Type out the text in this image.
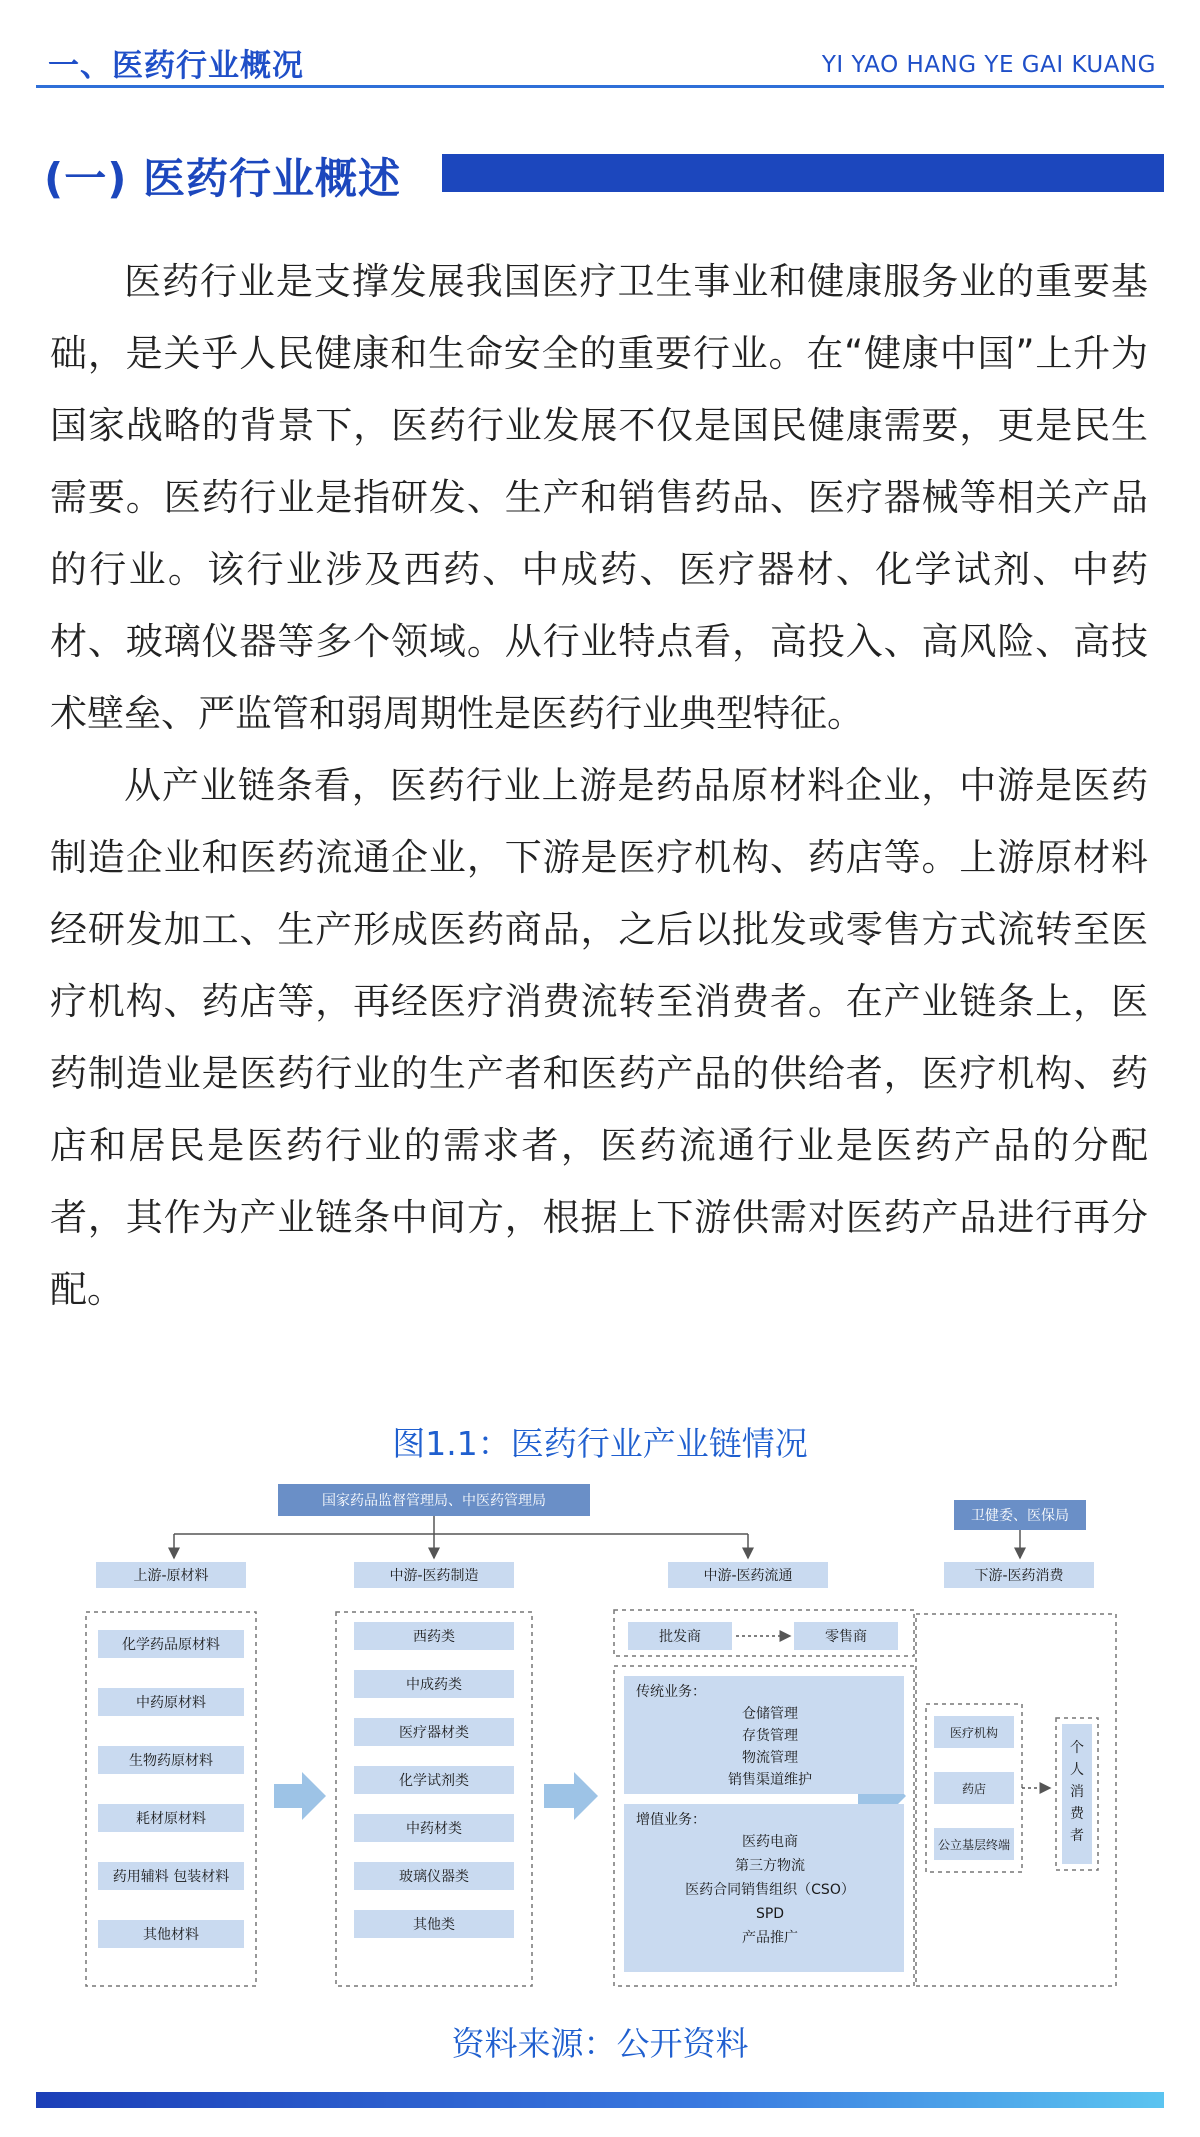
一、医药行业概况	YI YAO HANG YE GAI KUANG
(一) 医药行业概述

医药行业是支撑发展我国医疗卫生事业和健康服务业的重要基础，是关乎人民健康和生命安全的重要行业。在“健康中国”上升为国家战略的背景下，医药行业发展不仅是国民健康需要，更是民生需要。医药行业是指研发、生产和销售药品、医疗器械等相关产品的行业。该行业涉及西药、中成药、医疗器材、化学试剂、中药材、玻璃仪器等多个领域。从行业特点看，高投入、高风险、高技术壁垒、严监管和弱周期性是医药行业典型特征。

从产业链条看，医药行业上游是药品原材料企业，中游是医药制造企业和医药流通企业，下游是医疗机构、药店等。上游原材料经研发加工、生产形成医药商品，之后以批发或零售方式流转至医疗机构、药店等，再经医疗消费流转至消费者。在产业链条上，医药制造业是医药行业的生产者和医药产品的供给者，医疗机构、药店和居民是医药行业的需求者，医药流通行业是医药产品的分配者，其作为产业链条中间方，根据上下游供需对医药产品进行再分配。

图1.1：医药行业产业链情况
国家药品监督管理局、中医药管理局
卫健委、医保局
上游-原材料	中游-医药制造	中游-医药流通	下游-医药消费
化学药品原材料
中药原材料
生物药原材料
耗材原材料
药用辅料 包装材料
其他材料
西药类
中成药类
医疗器材类
化学试剂类
中药材类
玻璃仪器类
其他类
批发商	零售商
传统业务：
仓储管理
存货管理
物流管理
销售渠道维护
增值业务：
医药电商
第三方物流
医药合同销售组织（CSO）
SPD
产品推广
医疗机构
药店
公立基层终端
个人消费者
资料来源：公开资料
